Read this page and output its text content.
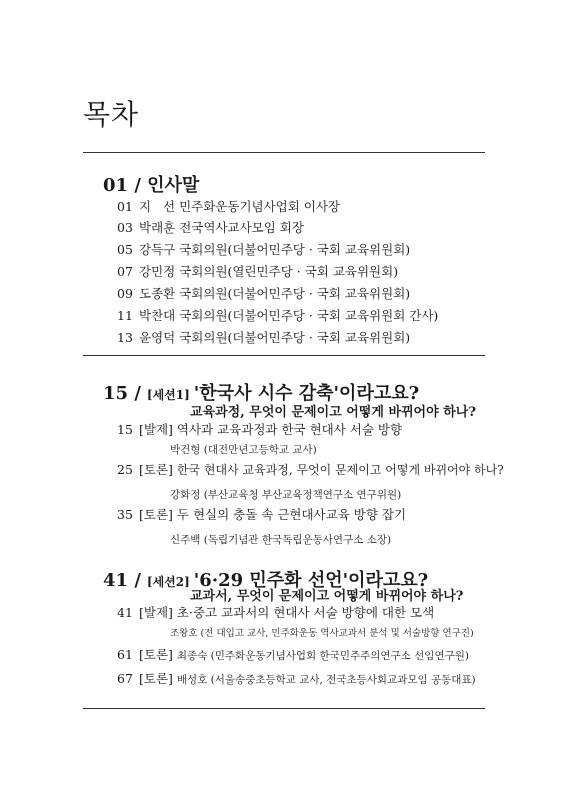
목차
01 / 인사말
01 지   선 민주화운동기념사업회 이사장
03 박래훈 전국역사교사모임 회장
05 강득구 국회의원(더불어민주당 · 국회 교육위원회)
07 강민정 국회의원(열린민주당 · 국회 교육위원회)
09 도종환 국회의원(더불어민주당 · 국회 교육위원회)
11 박찬대 국회의원(더불어민주당 · 국회 교육위원회 간사)
13 윤영덕 국회의원(더불어민주당 · 국회 교육위원회)
15 / [세션1] '한국사 시수 감축'이라고요?
교육과정, 무엇이 문제이고 어떻게 바뀌어야 하나?
15 [발제] 역사과 교육과정과 한국 현대사 서술 방향
박건형 (대전만년고등학교 교사)
25 [토론] 한국 현대사 교육과정, 무엇이 문제이고 어떻게 바뀌어야 하나?
강화정 (부산교육청 부산교육정책연구소 연구위원)
35 [토론] 두 현실의 충돌 속 근현대사교육 방향 잡기
신주백 (독립기념관 한국독립운동사연구소 소장)
41 / [세션2] '6·29 민주화 선언'이라고요?
교과서, 무엇이 문제이고 어떻게 바뀌어야 하나?
41 [발제] 초·중고 교과서의 현대사 서술 방향에 대한 모색
조왕호 (전 대입고 교사, 민주화운동 역사교과서 분석 및 서술방향 연구진)
61 [토론] 최종숙 (민주화운동기념사업회 한국민주주의연구소 선임연구원)
67 [토론] 배성호 (서울송중초등학교 교사, 전국초등사회교과모임 공동대표)
